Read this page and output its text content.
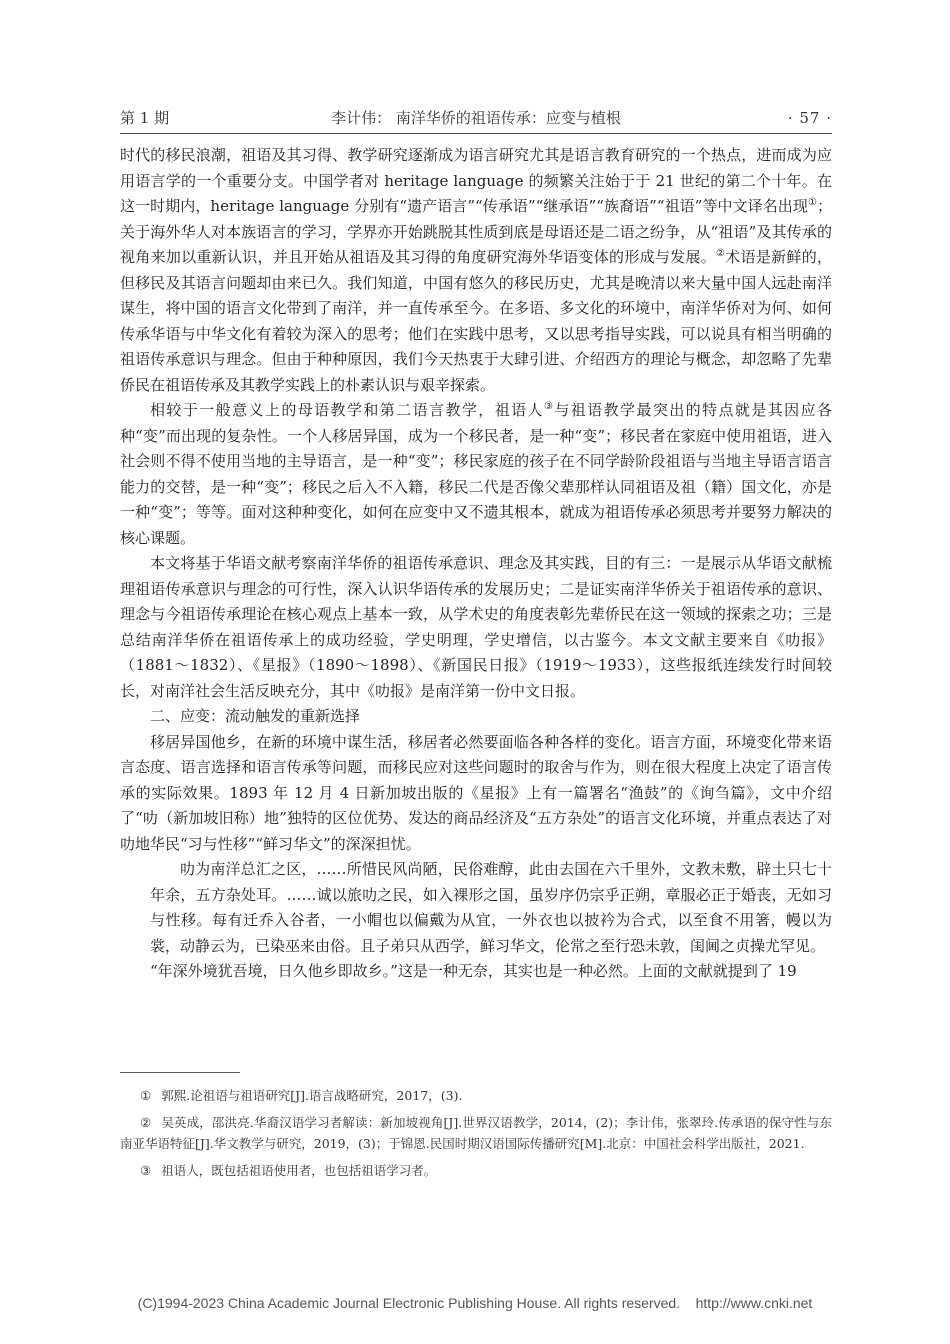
第 1 期	李计伟： 南洋华侨的祖语传承：应变与植根	· 57 ·

时代的移民浪潮，祖语及其习得、教学研究逐渐成为语言研究尤其是语言教育研究的一个热点，进而成为应用语言学的一个重要分支。中国学者对 heritage language 的频繁关注始于于 21 世纪的第二个十年。在这一时期内，heritage language 分别有“遗产语言”“传承语”“继承语”“族裔语”“祖语”等中文译名出现①；关于海外华人对本族语言的学习，学界亦开始跳脱其性质到底是母语还是二语之纷争，从“祖语”及其传承的视角来加以重新认识，并且开始从祖语及其习得的角度研究海外华语变体的形成与发展。②术语是新鲜的，但移民及其语言问题却由来已久。我们知道，中国有悠久的移民历史，尤其是晚清以来大量中国人远赴南洋谋生，将中国的语言文化带到了南洋，并一直传承至今。在多语、多文化的环境中，南洋华侨对为何、如何传承华语与中华文化有着较为深入的思考；他们在实践中思考，又以思考指导实践，可以说具有相当明确的祖语传承意识与理念。但由于种种原因，我们今天热衷于大肆引进、介绍西方的理论与概念，却忽略了先辈侨民在祖语传承及其教学实践上的朴素认识与艰辛探索。

相较于一般意义上的母语教学和第二语言教学，祖语人③与祖语教学最突出的特点就是其因应各种“变”而出现的复杂性。一个人移居异国，成为一个移民者，是一种“变”；移民者在家庭中使用祖语，进入社会则不得不使用当地的主导语言，是一种“变”；移民家庭的孩子在不同学龄阶段祖语与当地主导语言语言能力的交替，是一种“变”；移民之后入不入籍，移民二代是否像父辈那样认同祖语及祖（籍）国文化，亦是一种“变”；等等。面对这种种变化，如何在应变中又不遗其根本，就成为祖语传承必须思考并要努力解决的核心课题。

本文将基于华语文献考察南洋华侨的祖语传承意识、理念及其实践，目的有三：一是展示从华语文献梳理祖语传承意识与理念的可行性，深入认识华语传承的发展历史；二是证实南洋华侨关于祖语传承的意识、理念与今祖语传承理论在核心观点上基本一致，从学术史的角度表彰先辈侨民在这一领域的探索之功；三是总结南洋华侨在祖语传承上的成功经验，学史明理，学史增信，以古鉴今。本文文献主要来自《叻报》（1881～1832）、《星报》（1890～1898）、《新国民日报》（1919～1933），这些报纸连续发行时间较长，对南洋社会生活反映充分，其中《叻报》是南洋第一份中文日报。

二、应变：流动触发的重新选择

移居异国他乡，在新的环境中谋生活，移居者必然要面临各种各样的变化。语言方面，环境变化带来语言态度、语言选择和语言传承等问题，而移民应对这些问题时的取舍与作为，则在很大程度上决定了语言传承的实际效果。1893 年 12 月 4 日新加坡出版的《星报》上有一篇署名“渔鼓”的《询刍篇》，文中介绍了“叻（新加坡旧称）地”独特的区位优势、发达的商品经济及“五方杂处”的语言文化环境，并重点表达了对叻地华民“习与性移”“鲜习华文”的深深担忧。

叻为南洋总汇之区，……所惜民风尚陋，民俗难醇，此由去国在六千里外，文教未敷，辟土只七十年余，五方杂处耳。……诚以旅叻之民，如入裸形之国，虽岁序仍宗乎正朔，章服必正于婚丧，无如习与性移。每有迁乔入谷者，一小帽也以偏戴为从宜，一外衣也以披衿为合式，以至食不用箸，幔以为裳，动静云为，已染巫来由俗。且子弟只从西学，鲜习华文，伦常之至行恐未敦，闺阃之贞操尤罕见。

“年深外境犹吾境，日久他乡即故乡。”这是一种无奈，其实也是一种必然。上面的文献就提到了 19

① 郭熙.论祖语与祖语研究[J].语言战略研究，2017，(3).

② 吴英成，邵洪亮.华裔汉语学习者解读：新加坡视角[J].世界汉语教学，2014，(2)；李计伟，张翠玲.传承语的保守性与东南亚华语特征[J].华文教学与研究，2019，(3)；于锦恩.民国时期汉语国际传播研究[M].北京：中国社会科学出版社，2021.

③ 祖语人，既包括祖语使用者，也包括祖语学习者。

(C)1994-2023 China Academic Journal Electronic Publishing House. All rights reserved.    http://www.cnki.net
